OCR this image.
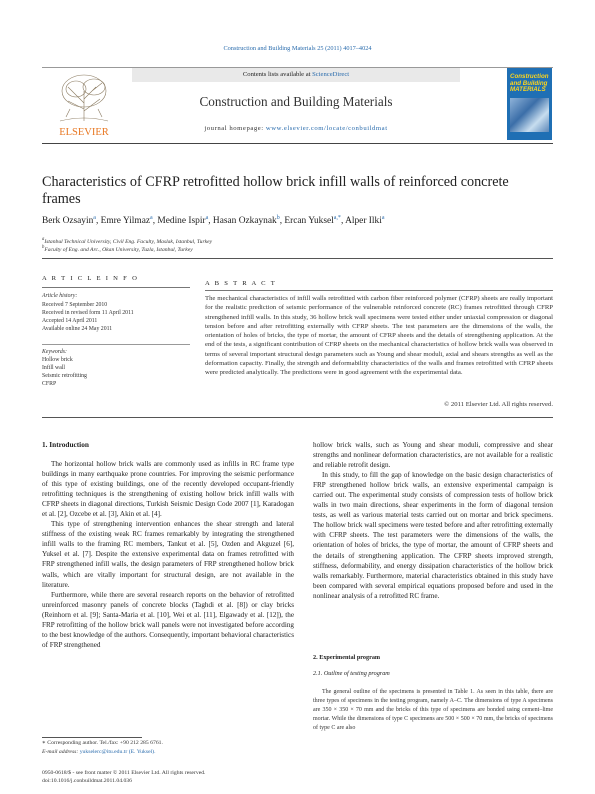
Construction and Building Materials 25 (2011) 4017–4024
ELSEVIER
Contents lists available at ScienceDirect
Construction and Building Materials
journal homepage: www.elsevier.com/locate/conbuildmat
Construction and Building MATERIALS
Characteristics of CFRP retrofitted hollow brick infill walls of reinforced concrete frames
Berk Ozsayin$^a$, Emre Yilmaz$^a$, Medine Ispir$^a$, Hasan Ozkaynak$^b$, Ercan Yuksel$^{a,*}$, Alper Ilki$^a$
$^a$Istanbul Technical University, Civil Eng. Faculty, Maslak, Istanbul, Turkey
$^b$Faculty of Eng. and Arc., Okan University, Tuzla, Istanbul, Turkey
A R T I C L E I N F O
Article history:
Received 7 September 2010
Received in revised form 11 April 2011
Accepted 14 April 2011
Available online 24 May 2011
Keywords:
Hollow brick
Infill wall
Seismic retrofitting
CFRP
A B S T R A C T
The mechanical characteristics of infill walls retrofitted with carbon fiber reinforced polymer (CFRP) sheets are really important for the realistic prediction of seismic performance of the vulnerable reinforced concrete (RC) frames retrofitted through CFRP strengthened infill walls. In this study, 36 hollow brick wall specimens were tested either under uniaxial compression or diagonal tension before and after retrofitting externally with CFRP sheets. The test parameters are the dimensions of the walls, the orientation of holes of bricks, the type of mortar, the amount of CFRP sheets and the details of strengthening application. At the end of the tests, a significant contribution of CFRP sheets on the mechanical characteristics of hollow brick walls was observed in terms of several important structural design parameters such as Young and shear moduli, axial and shears strengths as well as the deformation capacity. Finally, the strength and deformability characteristics of the walls and frames retrofitted with CFRP sheets were predicted analytically. The predictions were in good agreement with the experimental data.
© 2011 Elsevier Ltd. All rights reserved.
1. Introduction

The horizontal hollow brick walls are commonly used as infills in RC frame type buildings in many earthquake prone countries. For improving the seismic performance of this type of existing buildings, one of the recently developed occupant-friendly retrofitting techniques is the strengthening of existing hollow brick infill walls with CFRP sheets in diagonal directions, Turkish Seismic Design Code 2007 [1], Karadogan et al. [2], Ozcebe et al. [3], Akin et al. [4].

This type of strengthening intervention enhances the shear strength and lateral stiffness of the existing weak RC frames remarkably by integrating the strengthened infill walls to the framing RC members, Tankut et al. [5], Ozden and Akguzel [6], Yuksel et al. [7]. Despite the extensive experimental data on frames retrofitted with FRP strengthened infill walls, the design parameters of FRP strengthened hollow brick walls, which are vitally important for structural design, are not available in the literature.

Furthermore, while there are several research reports on the behavior of retrofitted unreinforced masonry panels of concrete blocks (Taghdi et al. [8]) or clay bricks (Reinhorn et al. [9]; Santa-Maria et al. [10], Wei et al. [11], Elgawady et al. [12]), the FRP retrofitting of the hollow brick wall panels were not investigated before according to the best knowledge of the authors. Consequently, important behavioral characteristics of FRP strengthened

hollow brick walls, such as Young and shear moduli, compressive and shear strengths and nonlinear deformation characteristics, are not available for a realistic and reliable retrofit design.

In this study, to fill the gap of knowledge on the basic design characteristics of FRP strengthened hollow brick walls, an extensive experimental campaign is carried out. The experimental study consists of compression tests of hollow brick walls in two main directions, shear experiments in the form of diagonal tension tests, as well as various material tests carried out on mortar and brick specimens. The hollow brick wall specimens were tested before and after retrofitting externally with CFRP sheets. The test parameters were the dimensions of the walls, the orientation of holes of bricks, the type of mortar, the amount of CFRP sheets and the details of strengthening application. The CFRP sheets improved strength, stiffness, deformability, and energy dissipation characteristics of the hollow brick walls remarkably. Furthermore, material characteristics obtained in this study have been compared with several empirical equations proposed before and used in the nonlinear analysis of a retrofitted RC frame.

2. Experimental program
2.1. Outline of testing program

The general outline of the specimens is presented in Table 1. As seen in this table, there are three types of specimens in the testing program, namely A–C. The dimensions of type A specimens are 350 × 350 × 70 mm and the bricks of this type of specimens are bonded using cement–lime mortar. While the dimensions of type C specimens are 500 × 500 × 70 mm, the bricks of specimens of type C are also

∗ Corresponding author. Tel./fax: +90 212 285 6761.
E-mail address: yukselerc@itu.edu.tr (E. Yuksel).
0950-0618/$ - see front matter © 2011 Elsevier Ltd. All rights reserved.
doi:10.1016/j.conbuildmat.2011.04.036
